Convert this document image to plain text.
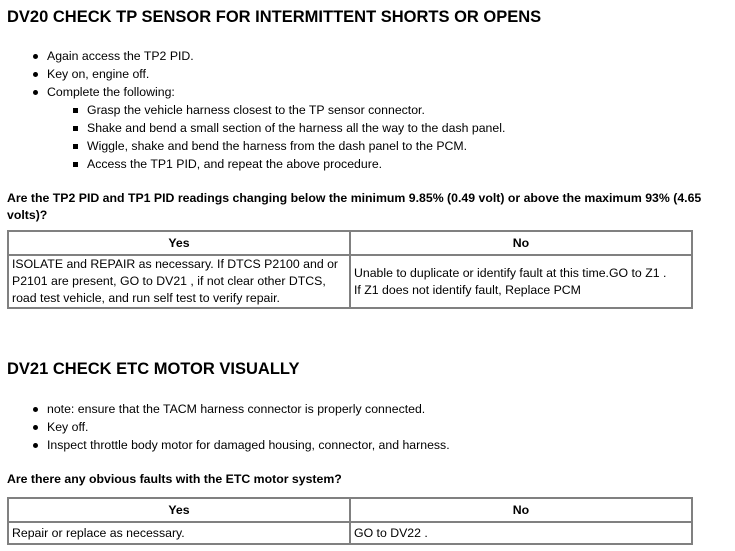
DV20 CHECK TP SENSOR FOR INTERMITTENT SHORTS OR OPENS
Again access the TP2 PID.
Key on, engine off.
Complete the following:
Grasp the vehicle harness closest to the TP sensor connector.
Shake and bend a small section of the harness all the way to the dash panel.
Wiggle, shake and bend the harness from the dash panel to the PCM.
Access the TP1 PID, and repeat the above procedure.

Are the TP2 PID and TP1 PID readings changing below the minimum 9.85% (0.49 volt) or above the maximum 93% (4.65 volts)?

Yes	No
ISOLATE and REPAIR as necessary. If DTCS P2100 and or P2101 are present, GO to DV21 , if not clear other DTCS, road test vehicle, and run self test to verify repair.	Unable to duplicate or identify fault at this time.GO to Z1 .
If Z1 does not identify fault, Replace PCM
DV21 CHECK ETC MOTOR VISUALLY
note: ensure that the TACM harness connector is properly connected.
Key off.
Inspect throttle body motor for damaged housing, connector, and harness.

Are there any obvious faults with the ETC motor system?

Yes	No
Repair or replace as necessary.	GO to DV22 .
